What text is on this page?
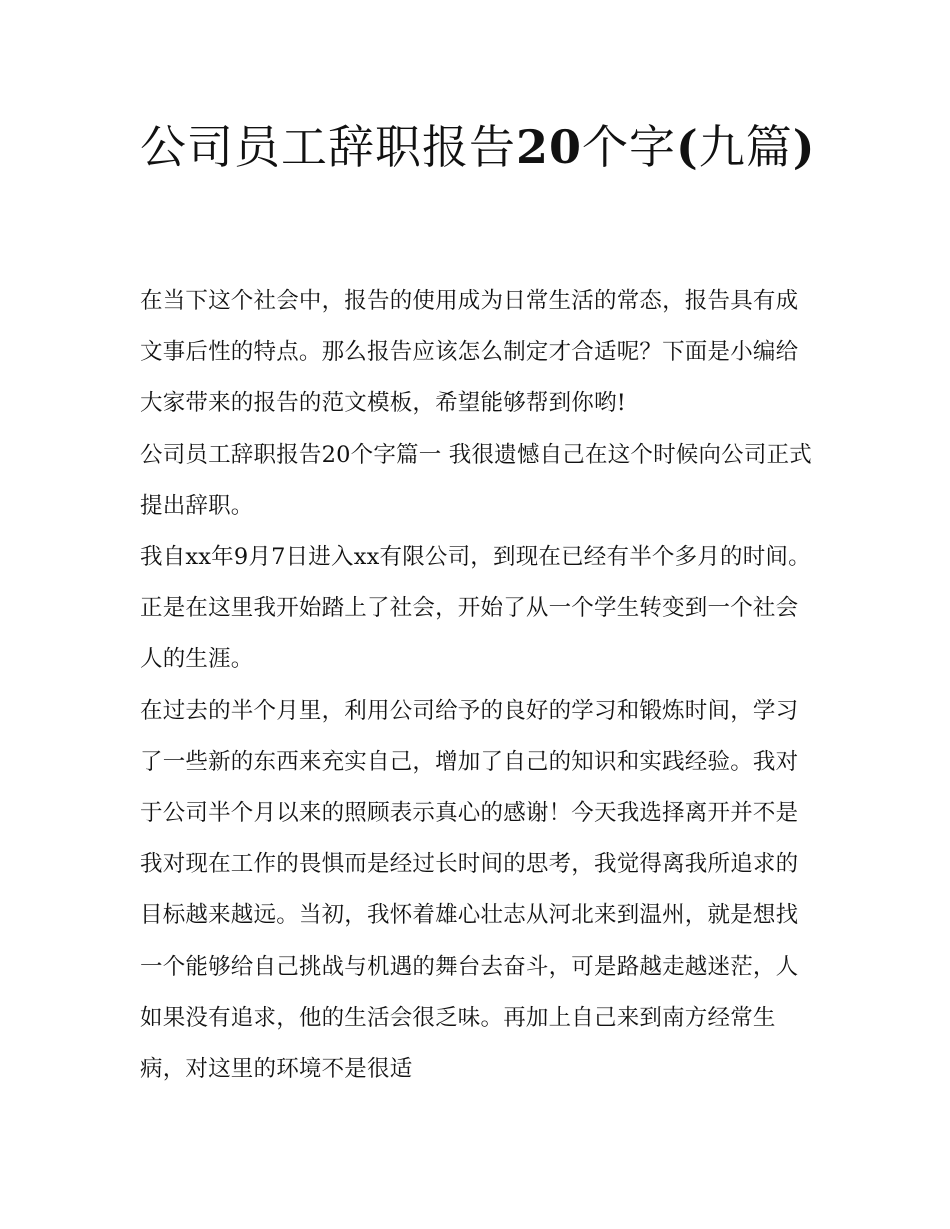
公司员工辞职报告20个字(九篇)

在当下这个社会中，报告的使用成为日常生活的常态，报告具有成文事后性的特点。那么报告应该怎么制定才合适呢？下面是小编给大家带来的报告的范文模板，希望能够帮到你哟!

公司员工辞职报告20个字篇一 我很遗憾自己在这个时候向公司正式提出辞职。

我自xx年9月7日进入xx有限公司，到现在已经有半个多月的时间。正是在这里我开始踏上了社会，开始了从一个学生转变到一个社会人的生涯。

在过去的半个月里，利用公司给予的良好的学习和锻炼时间，学习了一些新的东西来充实自己，增加了自己的知识和实践经验。我对于公司半个月以来的照顾表示真心的感谢！今天我选择离开并不是我对现在工作的畏惧而是经过长时间的思考，我觉得离我所追求的目标越来越远。当初，我怀着雄心壮志从河北来到温州，就是想找一个能够给自己挑战与机遇的舞台去奋斗，可是路越走越迷茫，人如果没有追求，他的生活会很乏味。再加上自己来到南方经常生病，对这里的环境不是很适
